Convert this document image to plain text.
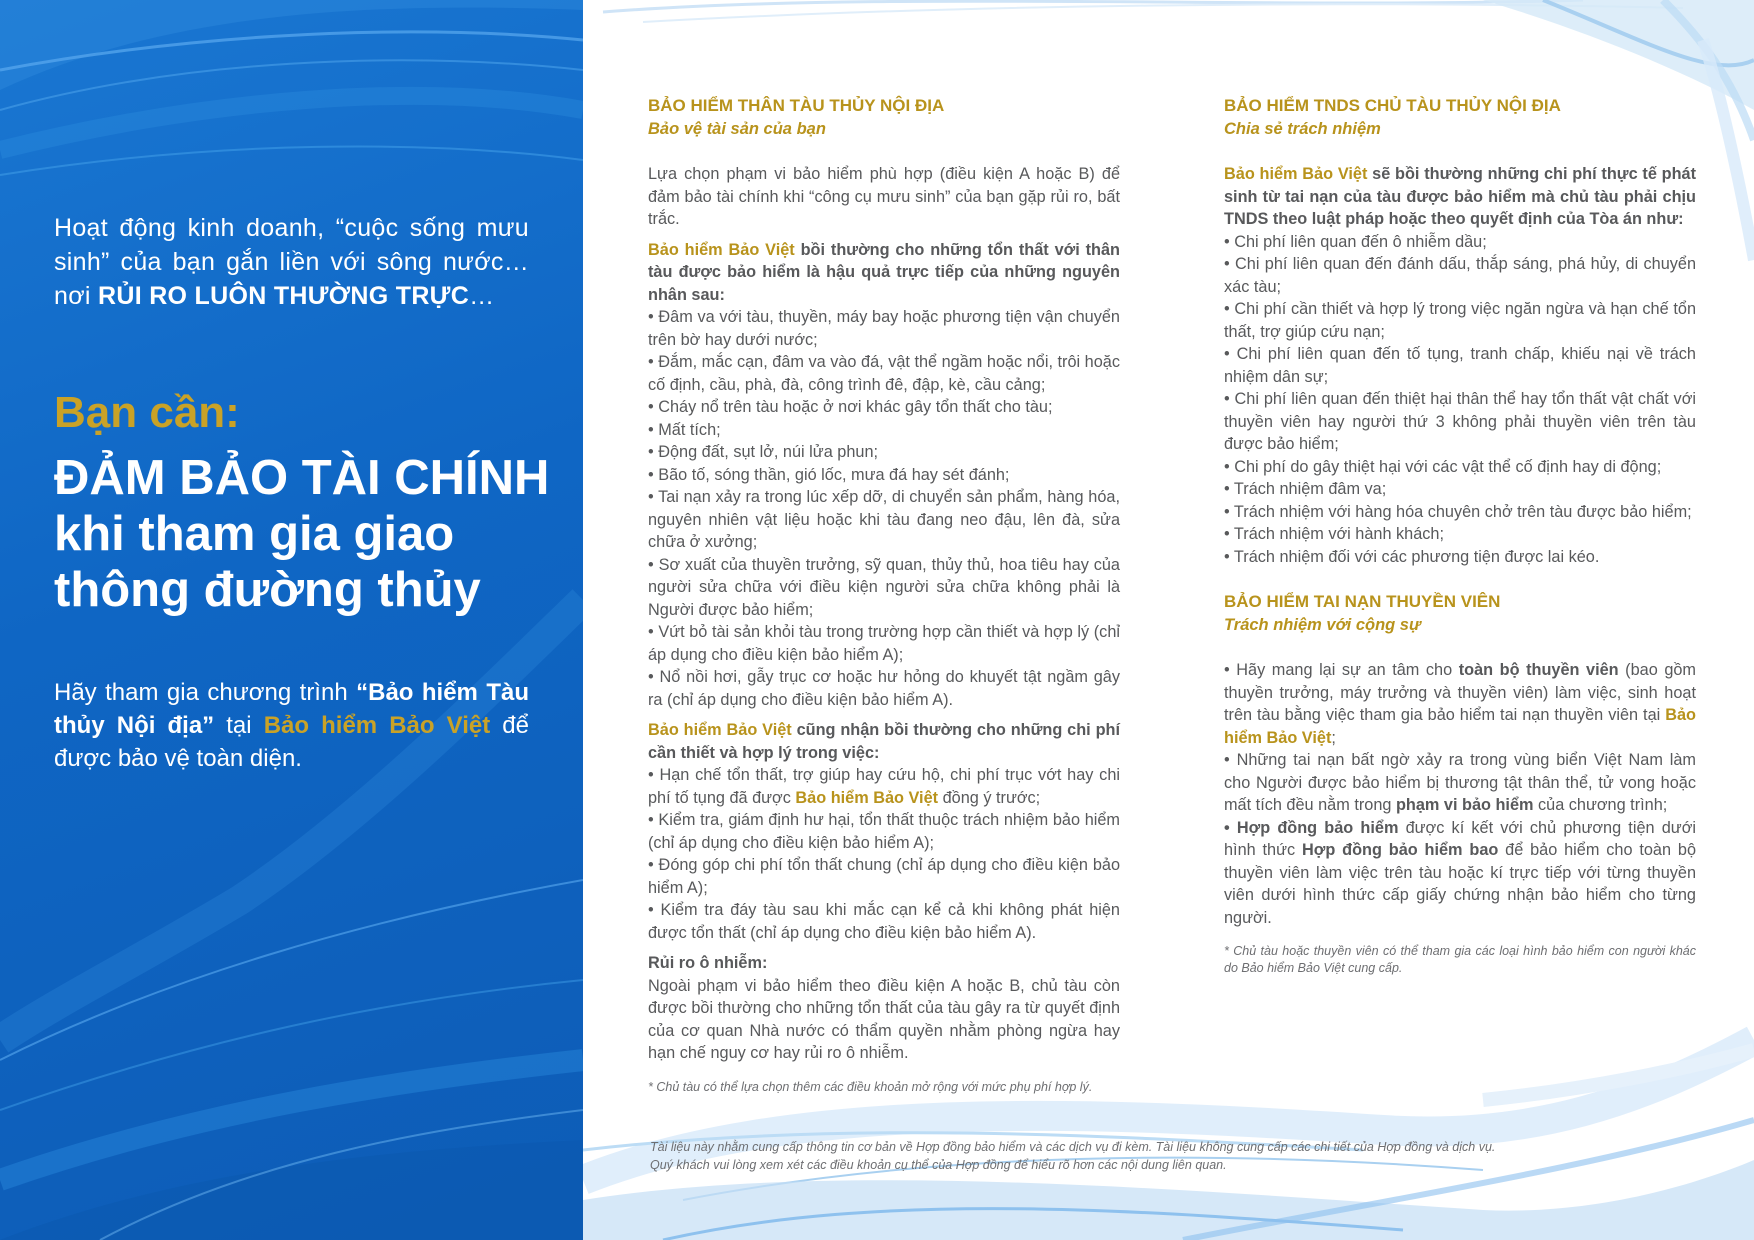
Hoạt động kinh doanh, “cuộc sống mưu sinh” của bạn gắn liền với sông nước… nơi RỦI RO LUÔN THƯỜNG TRỰC…
Bạn cần:
ĐẢM BẢO TÀI CHÍNH
khi tham gia giao
thông đường thủy
Hãy tham gia chương trình “Bảo hiểm Tàu thủy Nội địa” tại Bảo hiểm Bảo Việt để được bảo vệ toàn diện.
BẢO HIỂM THÂN TÀU THỦY NỘI ĐỊA
Bảo vệ tài sản của bạn

Lựa chọn phạm vi bảo hiểm phù hợp (điều kiện A hoặc B) để đảm bảo tài chính khi “công cụ mưu sinh” của bạn gặp rủi ro, bất trắc.

Bảo hiểm Bảo Việt bồi thường cho những tổn thất với thân tàu được bảo hiểm là hậu quả trực tiếp của những nguyên nhân sau:

• Đâm va với tàu, thuyền, máy bay hoặc phương tiện vận chuyển trên bờ hay dưới nước;

• Đắm, mắc cạn, đâm va vào đá, vật thể ngầm hoặc nổi, trôi hoặc cố định, cầu, phà, đà, công trình đê, đập, kè, cầu cảng;

• Cháy nổ trên tàu hoặc ở nơi khác gây tổn thất cho tàu;

• Mất tích;

• Động đất, sụt lở, núi lửa phun;

• Bão tố, sóng thần, gió lốc, mưa đá hay sét đánh;

• Tai nạn xảy ra trong lúc xếp dỡ, di chuyển sản phẩm, hàng hóa, nguyên nhiên vật liệu hoặc khi tàu đang neo đậu, lên đà, sửa chữa ở xưởng;

• Sơ xuất của thuyền trưởng, sỹ quan, thủy thủ, hoa tiêu hay của người sửa chữa với điều kiện người sửa chữa không phải là Người được bảo hiểm;

• Vứt bỏ tài sản khỏi tàu trong trường hợp cần thiết và hợp lý (chỉ áp dụng cho điều kiện bảo hiểm A);

• Nổ nồi hơi, gẫy trục cơ hoặc hư hỏng do khuyết tật ngầm gây ra (chỉ áp dụng cho điều kiện bảo hiểm A).

Bảo hiểm Bảo Việt cũng nhận bồi thường cho những chi phí cần thiết và hợp lý trong việc:

• Hạn chế tổn thất, trợ giúp hay cứu hộ, chi phí trục vớt hay chi phí tố tụng đã được Bảo hiểm Bảo Việt đồng ý trước;

• Kiểm tra, giám định hư hại, tổn thất thuộc trách nhiệm bảo hiểm (chỉ áp dụng cho điều kiện bảo hiểm A);

• Đóng góp chi phí tổn thất chung (chỉ áp dụng cho điều kiện bảo hiểm A);

• Kiểm tra đáy tàu sau khi mắc cạn kể cả khi không phát hiện được tổn thất (chỉ áp dụng cho điều kiện bảo hiểm A).

Rủi ro ô nhiễm:

Ngoài phạm vi bảo hiểm theo điều kiện A hoặc B, chủ tàu còn được bồi thường cho những tổn thất của tàu gây ra từ quyết định của cơ quan Nhà nước có thẩm quyền nhằm phòng ngừa hay hạn chế nguy cơ hay rủi ro ô nhiễm.

* Chủ tàu có thể lựa chọn thêm các điều khoản mở rộng với mức phụ phí hợp lý.

BẢO HIỂM TNDS CHỦ TÀU THỦY NỘI ĐỊA
Chia sẻ trách nhiệm

Bảo hiểm Bảo Việt sẽ bồi thường những chi phí thực tế phát sinh từ tai nạn của tàu được bảo hiểm mà chủ tàu phải chịu TNDS theo luật pháp hoặc theo quyết định của Tòa án như:

• Chi phí liên quan đến ô nhiễm dầu;

• Chi phí liên quan đến đánh dấu, thắp sáng, phá hủy, di chuyển xác tàu;

• Chi phí cần thiết và hợp lý trong việc ngăn ngừa và hạn chế tổn thất, trợ giúp cứu nạn;

• Chi phí liên quan đến tố tụng, tranh chấp, khiếu nại về trách nhiệm dân sự;

• Chi phí liên quan đến thiệt hại thân thể hay tổn thất vật chất với thuyền viên hay người thứ 3 không phải thuyền viên trên tàu được bảo hiểm;

• Chi phí do gây thiệt hại với các vật thể cố định hay di động;

• Trách nhiệm đâm va;

• Trách nhiệm với hàng hóa chuyên chở trên tàu được bảo hiểm;

• Trách nhiệm với hành khách;

• Trách nhiệm đối với các phương tiện được lai kéo.

BẢO HIỂM TAI NẠN THUYỀN VIÊN
Trách nhiệm với cộng sự

• Hãy mang lại sự an tâm cho toàn bộ thuyền viên (bao gồm thuyền trưởng, máy trưởng và thuyền viên) làm việc, sinh hoạt trên tàu bằng việc tham gia bảo hiểm tai nạn thuyền viên tại Bảo hiểm Bảo Việt;

• Những tai nạn bất ngờ xảy ra trong vùng biển Việt Nam làm cho Người được bảo hiểm bị thương tật thân thể, tử vong hoặc mất tích đều nằm trong phạm vi bảo hiểm của chương trình;

• Hợp đồng bảo hiểm được kí kết với chủ phương tiện dưới hình thức Hợp đồng bảo hiểm bao để bảo hiểm cho toàn bộ thuyền viên làm việc trên tàu hoặc kí trực tiếp với từng thuyền viên dưới hình thức cấp giấy chứng nhận bảo hiểm cho từng người.

* Chủ tàu hoặc thuyền viên có thể tham gia các loại hình bảo hiểm con người khác do Bảo hiểm Bảo Việt cung cấp.

Tài liệu này nhằm cung cấp thông tin cơ bản về Hợp đồng bảo hiểm và các dịch vụ đi kèm. Tài liệu không cung cấp các chi tiết của Hợp đồng và dịch vụ.
Quý khách vui lòng xem xét các điều khoản cụ thể của Hợp đồng để hiểu rõ hơn các nội dung liên quan.
